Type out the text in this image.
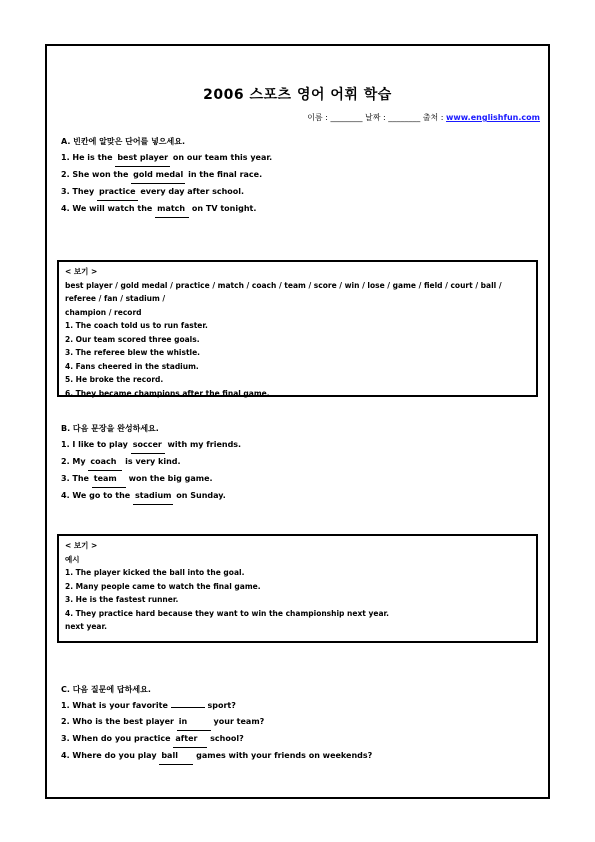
2006 스포츠 영어 어휘 학습
이름 : ________ 날짜 : ________ 출처 : www.englishfun.com
A. 빈칸에 알맞은 단어를 넣으세요.
1. He is the best player on our team this year.
2. She won the gold medal in the final race.
3. They practice every day after school.
4. We will watch the match on TV tonight.
< 보기 >
best player / gold medal / practice / match / coach / team / score / win / lose / game / field / court / ball / referee / fan / stadium /
champion / record
1. The coach told us to run faster.
2. Our team scored three goals.
3. The referee blew the whistle.
4. Fans cheered in the stadium.
5. He broke the record.
6. They became champions after the final game.
B. 다음 문장을 완성하세요.
1. I like to play soccer with my friends.
2. My coach is very kind.
3. The team won the big game.
4. We go to the stadium on Sunday.
< 보기 >
예시
1. The player kicked the ball into the goal.
2. Many people came to watch the final game.
3. He is the fastest runner.
4. They practice hard because they want to win the championship next year.
next year.
C. 다음 질문에 답하세요.
1. What is your favorite	sport?
2. Who is the best player in	your team?
3. When do you practice after school?
4. Where do you play ball games with your friends on weekends?
